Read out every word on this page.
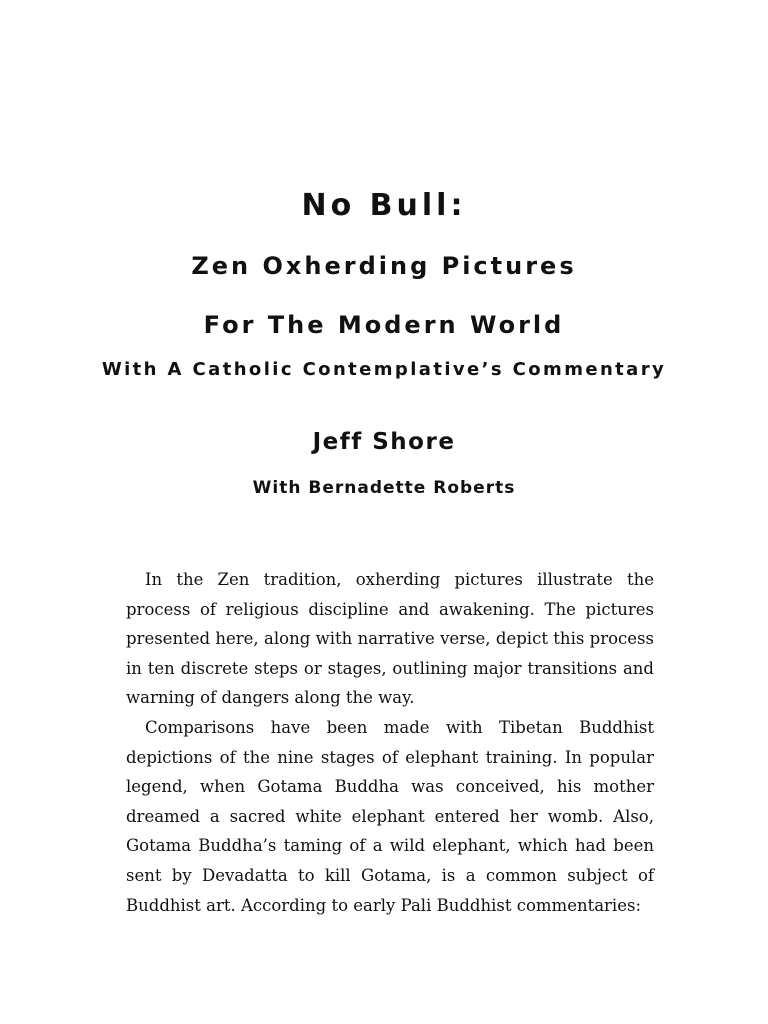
No Bull:
Zen Oxherding Pictures
For The Modern World
With A Catholic Contemplative’s Commentary
Jeff Shore
With Bernadette Roberts

In the Zen tradition, oxherding pictures illustrate the process of religious discipline and awakening. The pictures presented here, along with narrative verse, depict this process in ten discrete steps or stages, outlining major transitions and warning of dangers along the way.

Comparisons have been made with Tibetan Buddhist depictions of the nine stages of elephant training. In popular legend, when Gotama Buddha was conceived, his mother dreamed a sacred white elephant entered her womb. Also, Gotama Buddha’s taming of a wild elephant, which had been sent by Devadatta to kill Gotama, is a common subject of Buddhist art. According to early Pali Buddhist commentaries:
